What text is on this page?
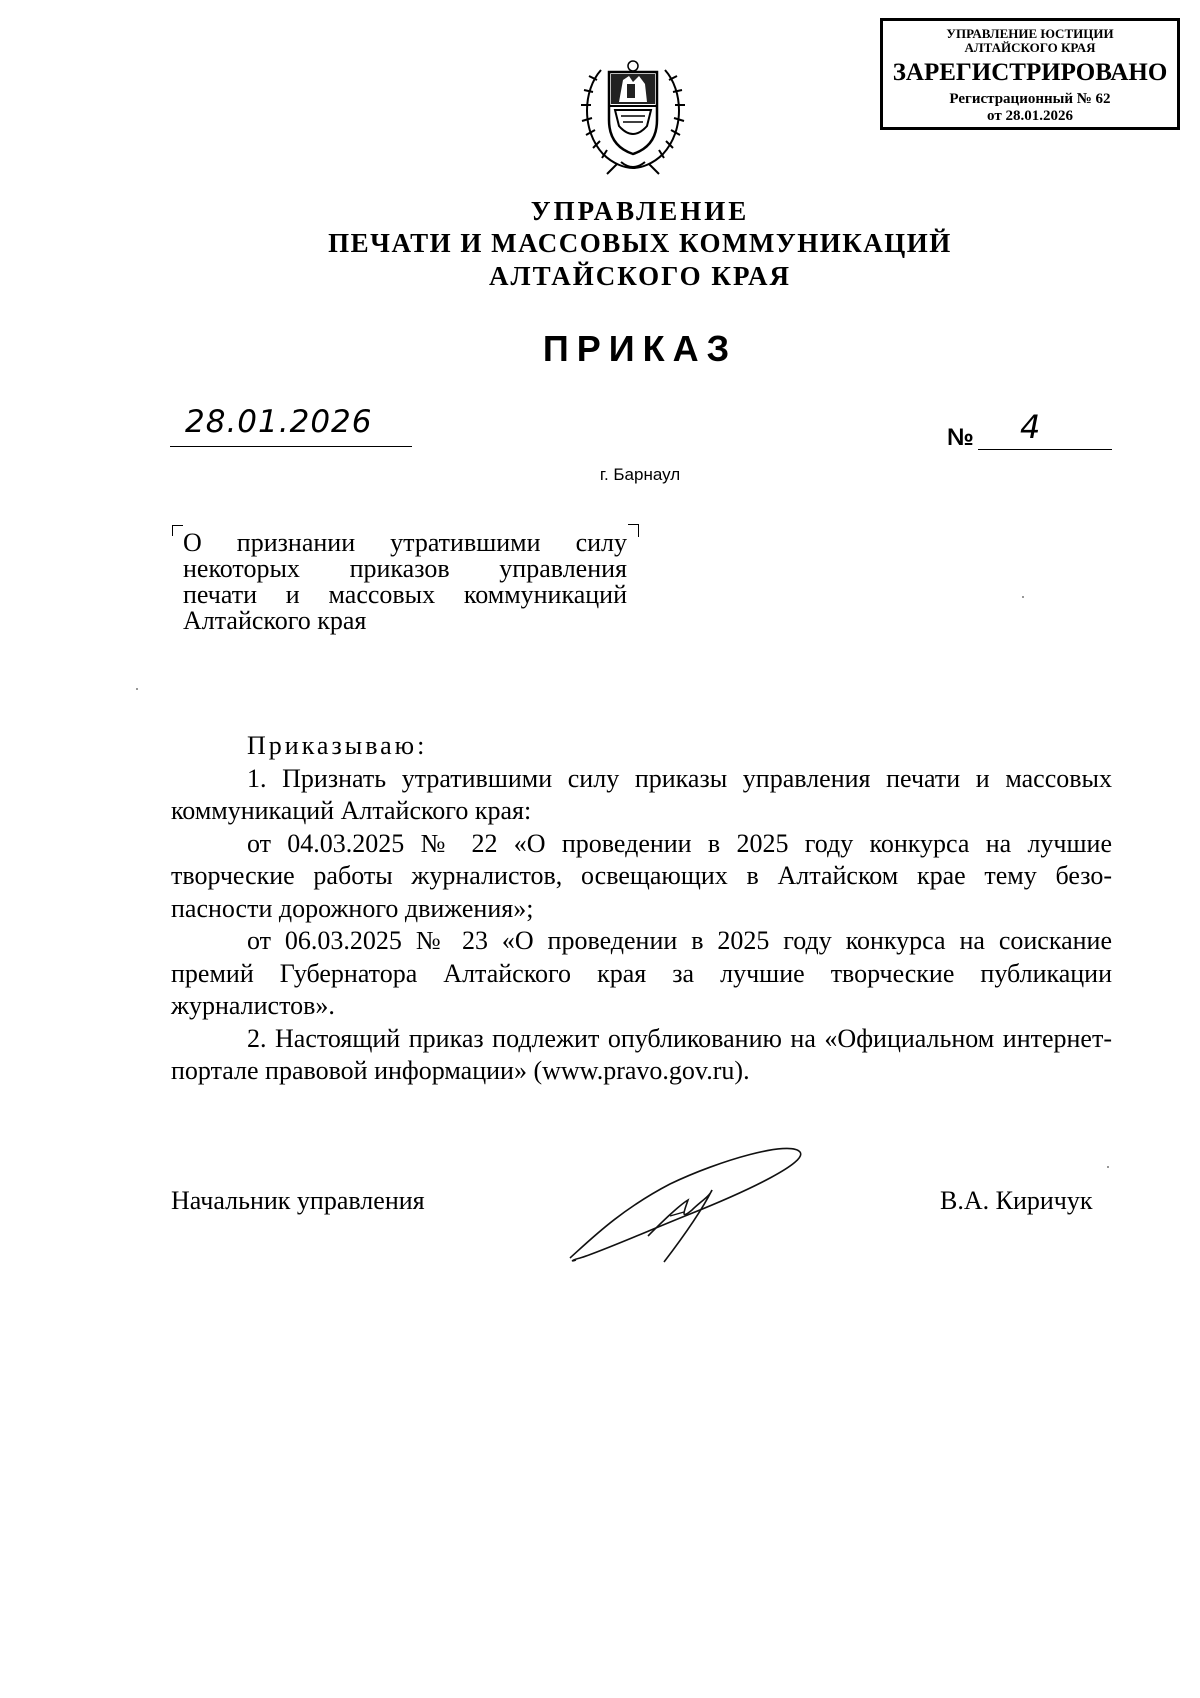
УПРАВЛЕНИЕ ЮСТИЦИИ
АЛТАЙСКОГО КРАЯ
ЗАРЕГИСТРИРОВАНО
Регистрационный № 62
от 28.01.2026
УПРАВЛЕНИЕ
ПЕЧАТИ И МАССОВЫХ КОММУНИКАЦИЙ
АЛТАЙСКОГО КРАЯ
ПРИКАЗ
28.01.2026	№ 4
г. Барнаул
О признании утратившими силу
некоторых приказов управления
печати и массовых коммуникаций
Алтайского края

Приказываю:

1. Признать утратившими силу приказы управления печати и массовых коммуникаций Алтайского края:

от 04.03.2025 № 22 «О проведении в 2025 году конкурса на лучшие творческие работы журналистов, освещающих в Алтайском крае тему безо-пасности дорожного движения»;

от 06.03.2025 № 23 «О проведении в 2025 году конкурса на соискание премий Губернатора Алтайского края за лучшие творческие публикации журналистов».

2. Настоящий приказ подлежит опубликованию на «Официальном интернет-портале правовой информации» (www.pravo.gov.ru).

Начальник управления	В.А. Киричук
